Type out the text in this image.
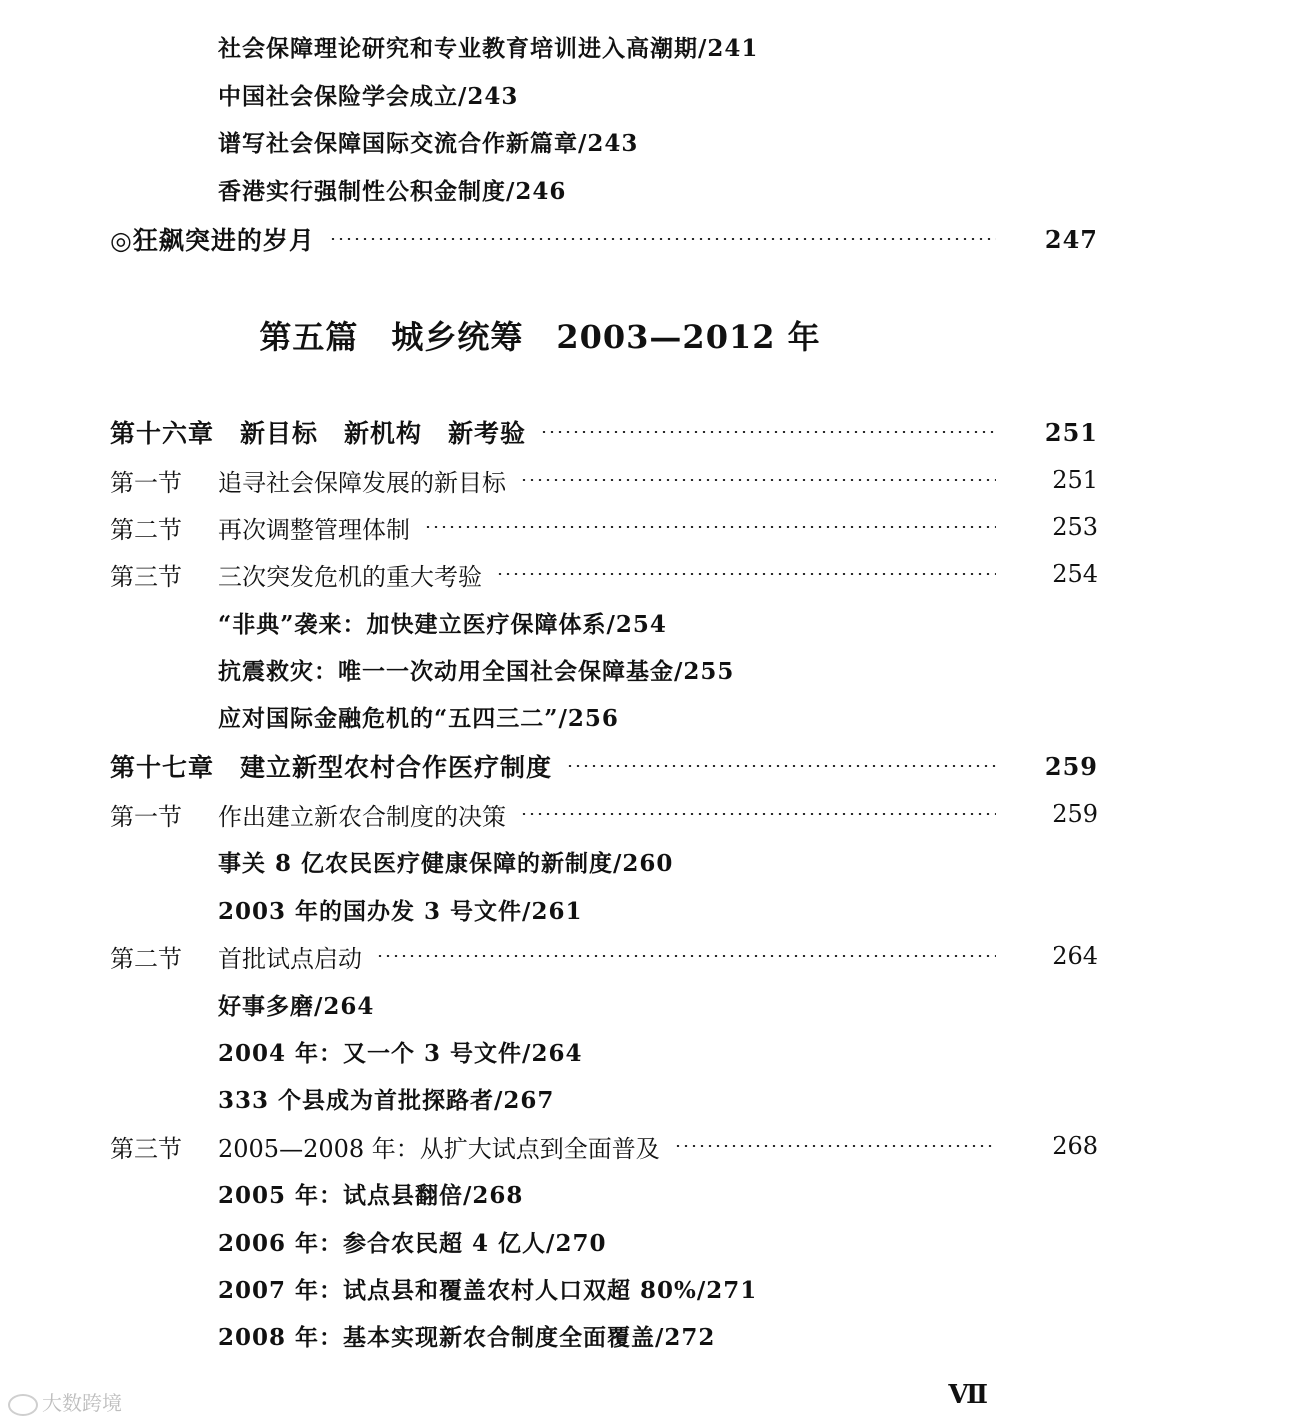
社会保障理论研究和专业教育培训进入高潮期/241
中国社会保险学会成立/243
谱写社会保障国际交流合作新篇章/243
香港实行强制性公积金制度/246
◎狂飙突进的岁月	247
第五篇　城乡统筹　2003—2012 年
第十六章　新目标　新机构　新考验	251
第一节	追寻社会保障发展的新目标	251
第二节	再次调整管理体制	253
第三节	三次突发危机的重大考验	254
“非典”袭来：加快建立医疗保障体系/254
抗震救灾：唯一一次动用全国社会保障基金/255
应对国际金融危机的“五四三二”/256
第十七章　建立新型农村合作医疗制度	259
第一节	作出建立新农合制度的决策	259
事关 8 亿农民医疗健康保障的新制度/260
2003 年的国办发 3 号文件/261
第二节	首批试点启动	264
好事多磨/264
2004 年：又一个 3 号文件/264
333 个县成为首批探路者/267
第三节	2005—2008 年：从扩大试点到全面普及	268
2005 年：试点县翻倍/268
2006 年：参合农民超 4 亿人/270
2007 年：试点县和覆盖农村人口双超 80%/271
2008 年：基本实现新农合制度全面覆盖/272
Ⅶ
大数跨境
